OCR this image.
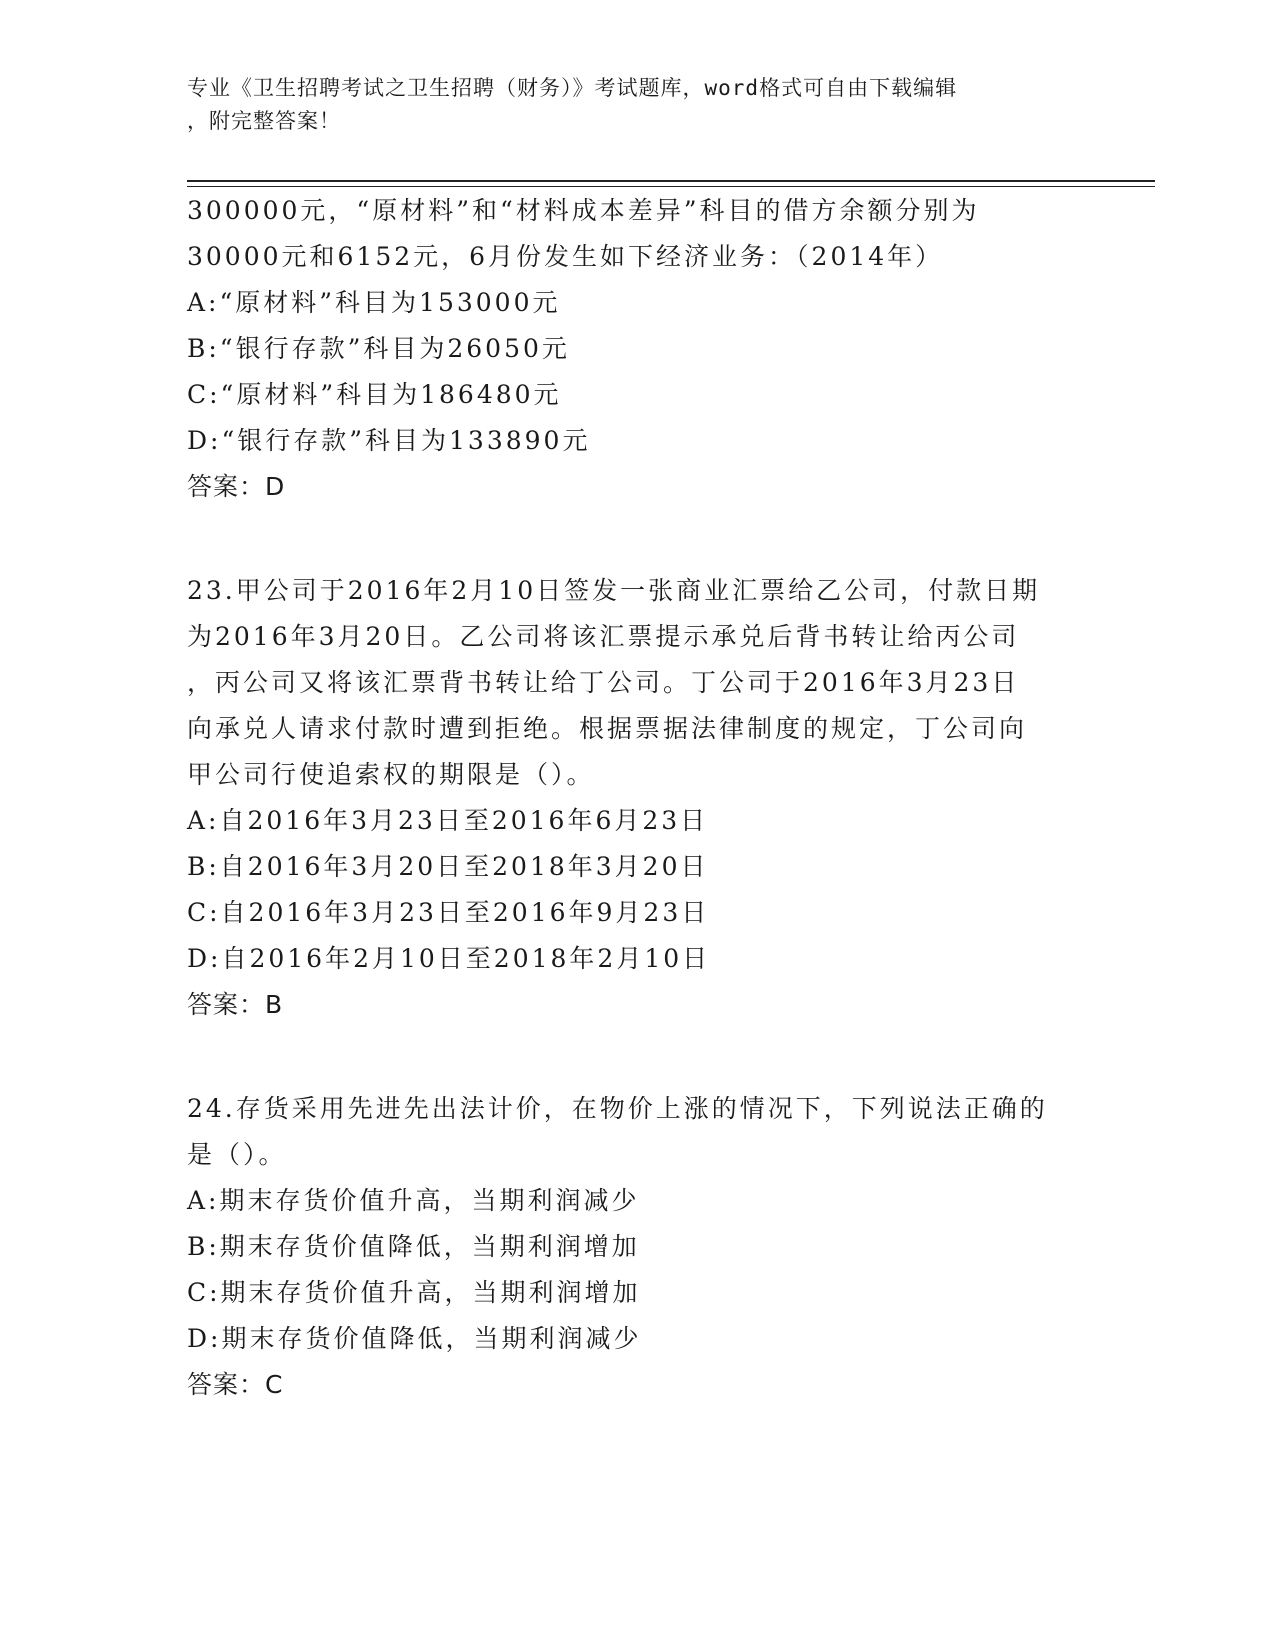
专业《卫生招聘考试之卫生招聘（财务）》考试题库，word格式可自由下载编辑
，附完整答案！
300000元，“原材料”和“材料成本差异”科目的借方余额分别为
30000元和6152元，6月份发生如下经济业务：（2014年）
A:“原材料”科目为153000元
B:“银行存款”科目为26050元
C:“原材料”科目为186480元
D:“银行存款”科目为133890元
答案：D
23.甲公司于2016年2月10日签发一张商业汇票给乙公司，付款日期
为2016年3月20日。乙公司将该汇票提示承兑后背书转让给丙公司
，丙公司又将该汇票背书转让给丁公司。丁公司于2016年3月23日
向承兑人请求付款时遭到拒绝。根据票据法律制度的规定，丁公司向
甲公司行使追索权的期限是（）。
A:自2016年3月23日至2016年6月23日
B:自2016年3月20日至2018年3月20日
C:自2016年3月23日至2016年9月23日
D:自2016年2月10日至2018年2月10日
答案：B
24.存货采用先进先出法计价，在物价上涨的情况下，下列说法正确的
是（）。
A:期末存货价值升高，当期利润减少
B:期末存货价值降低，当期利润增加
C:期末存货价值升高，当期利润增加
D:期末存货价值降低，当期利润减少
答案：C
